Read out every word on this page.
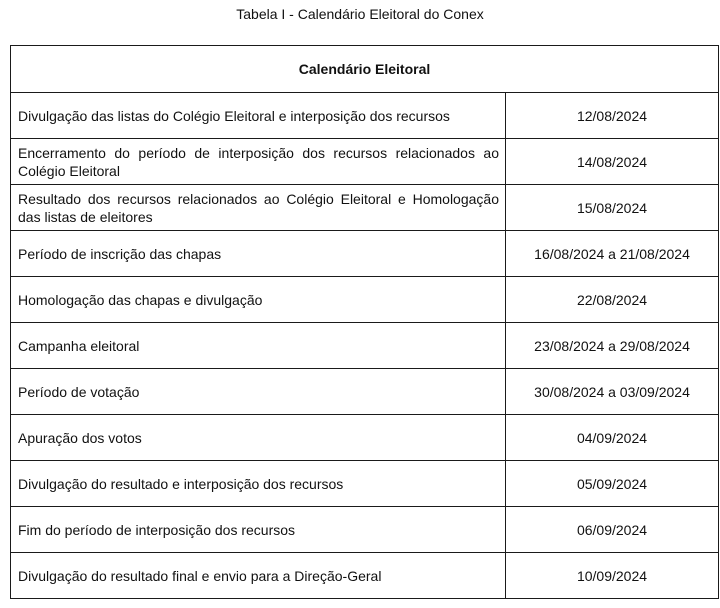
Tabela I - Calendário Eleitoral do Conex
Calendário Eleitoral	
Divulgação das listas do Colégio Eleitoral e interposição dos recursos	12/08/2024
Encerramento do período de interposição dos recursos relacionados ao Colégio Eleitoral	14/08/2024
Resultado dos recursos relacionados ao Colégio Eleitoral e Homologação das listas de eleitores	15/08/2024
Período de inscrição das chapas	16/08/2024 a 21/08/2024
Homologação das chapas e divulgação	22/08/2024
Campanha eleitoral	23/08/2024 a 29/08/2024
Período de votação	30/08/2024 a 03/09/2024
Apuração dos votos	04/09/2024
Divulgação do resultado e interposição dos recursos	05/09/2024
Fim do período de interposição dos recursos	06/09/2024
Divulgação do resultado final e envio para a Direção-Geral	10/09/2024
